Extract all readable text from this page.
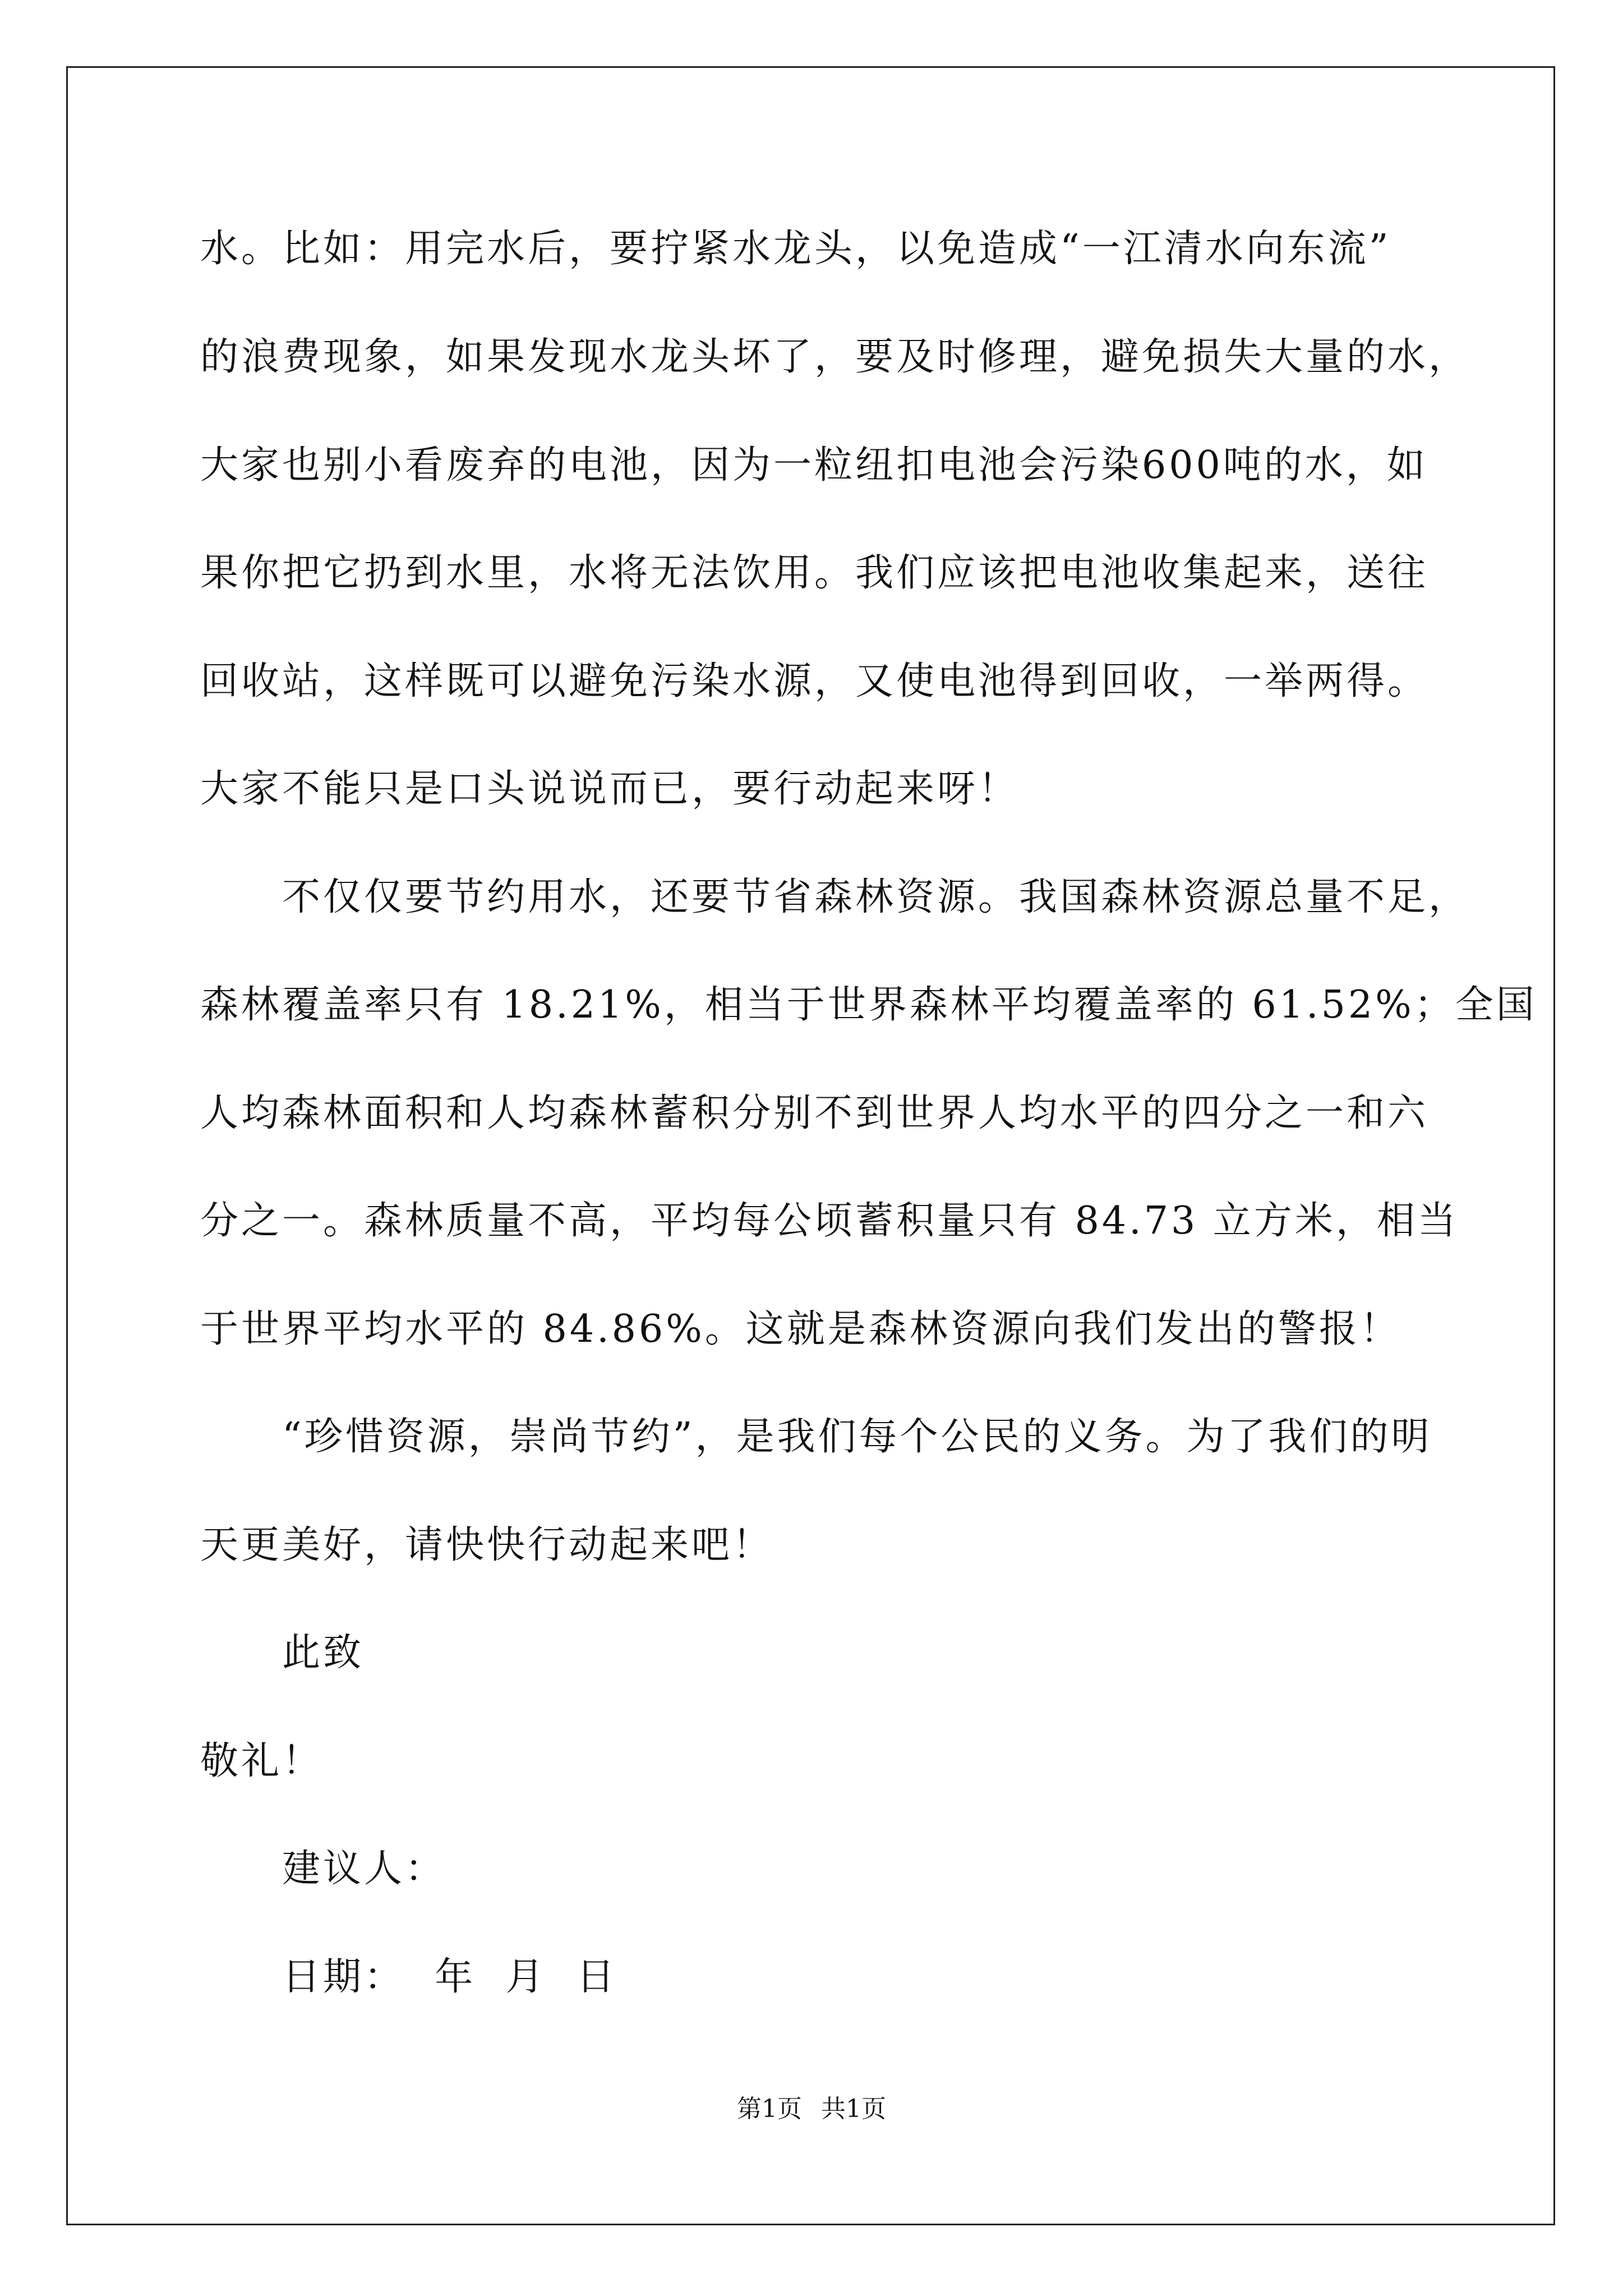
水。比如：用完水后，要拧紧水龙头，以免造成“一江清水向东流”
的浪费现象，如果发现水龙头坏了，要及时修理，避免损失大量的水，
大家也别小看废弃的电池，因为一粒纽扣电池会污染600吨的水，如
果你把它扔到水里，水将无法饮用。我们应该把电池收集起来，送往
回收站，这样既可以避免污染水源，又使电池得到回收，一举两得。
大家不能只是口头说说而已，要行动起来呀！
不仅仅要节约用水，还要节省森林资源。我国森林资源总量不足，
森林覆盖率只有 18.21%，相当于世界森林平均覆盖率的 61.52%；全国
人均森林面积和人均森林蓄积分别不到世界人均水平的四分之一和六
分之一。森林质量不高，平均每公顷蓄积量只有 84.73 立方米，相当
于世界平均水平的 84.86%。这就是森林资源向我们发出的警报！
“珍惜资源，崇尚节约”，是我们每个公民的义务。为了我们的明
天更美好，请快快行动起来吧！
此致
敬礼！
建议人：
日期：  年  月  日
第1页 共1页
